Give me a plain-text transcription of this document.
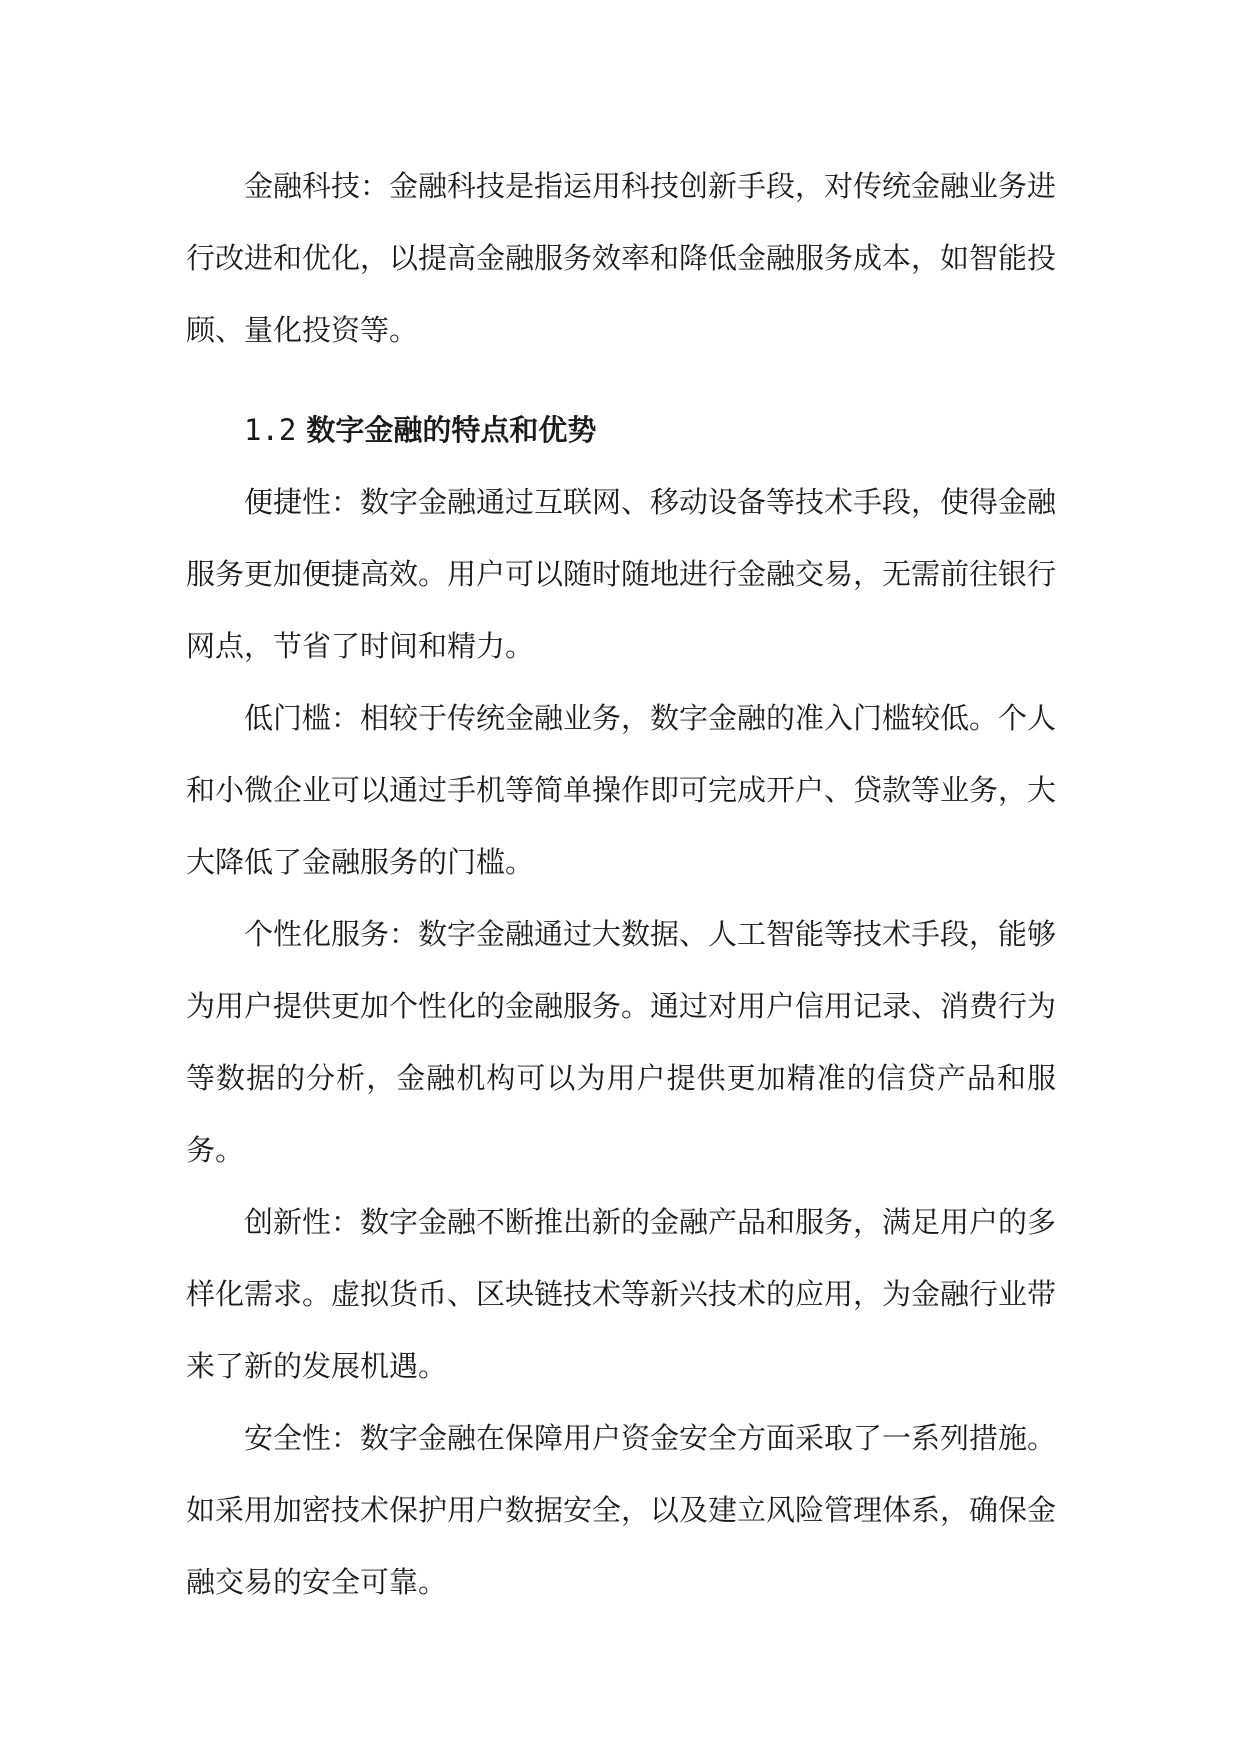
金融科技：金融科技是指运用科技创新手段，对传统金融业务进行改进和优化，以提高金融服务效率和降低金融服务成本，如智能投顾、量化投资等。

1.2 数字金融的特点和优势

便捷性：数字金融通过互联网、移动设备等技术手段，使得金融服务更加便捷高效。用户可以随时随地进行金融交易，无需前往银行网点，节省了时间和精力。

低门槛：相较于传统金融业务，数字金融的准入门槛较低。个人和小微企业可以通过手机等简单操作即可完成开户、贷款等业务，大大降低了金融服务的门槛。

个性化服务：数字金融通过大数据、人工智能等技术手段，能够为用户提供更加个性化的金融服务。通过对用户信用记录、消费行为等数据的分析，金融机构可以为用户提供更加精准的信贷产品和服务。

创新性：数字金融不断推出新的金融产品和服务，满足用户的多样化需求。虚拟货币、区块链技术等新兴技术的应用，为金融行业带来了新的发展机遇。

安全性：数字金融在保障用户资金安全方面采取了一系列措施。如采用加密技术保护用户数据安全，以及建立风险管理体系，确保金融交易的安全可靠。
